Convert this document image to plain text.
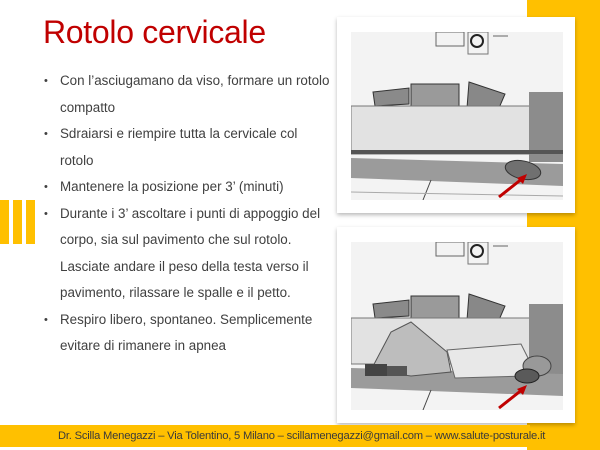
Rotolo cervicale
• Con l’asciugamano da viso, formare un rotolo compatto
• Sdraiarsi e riempire tutta la cervicale col rotolo
• Mantenere la posizione per 3’ (minuti)
• Durante i 3’ ascoltare i punti di appoggio del corpo, sia sul pavimento che sul rotolo. Lasciate andare il peso della testa verso il pavimento, rilassare le spalle e il petto.
• Respiro libero, spontaneo. Semplicemente evitare di rimanere in apnea
Dr. Scilla Menegazzi – Via Tolentino, 5 Milano – scillamenegazzi@gmail.com – www.salute-posturale.it
